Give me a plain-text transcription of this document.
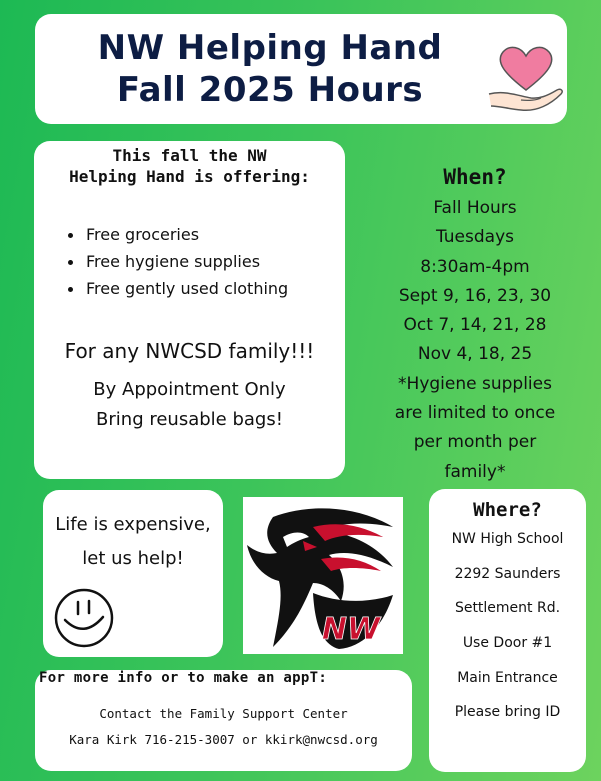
NW Helping Hand
Fall 2025 Hours
This fall the NW
Helping Hand is offering:
Free groceries
Free hygiene supplies
Free gently used clothing
For any NWCSD family!!!
By Appointment Only
Bring reusable bags!
When?
Fall Hours
Tuesdays
8:30am-4pm
Sept 9, 16, 23, 30
Oct 7, 14, 21, 28
Nov 4, 18, 25
*Hygiene supplies
are limited to once
per month per
family*
Life is expensive,
let us help!
NW
Where?
NW High School
2292 Saunders
Settlement Rd.
Use Door #1
Main Entrance
Please bring ID
For more info or to make an appT:
Contact the Family Support Center
Kara Kirk 716-215-3007 or kkirk@nwcsd.org
